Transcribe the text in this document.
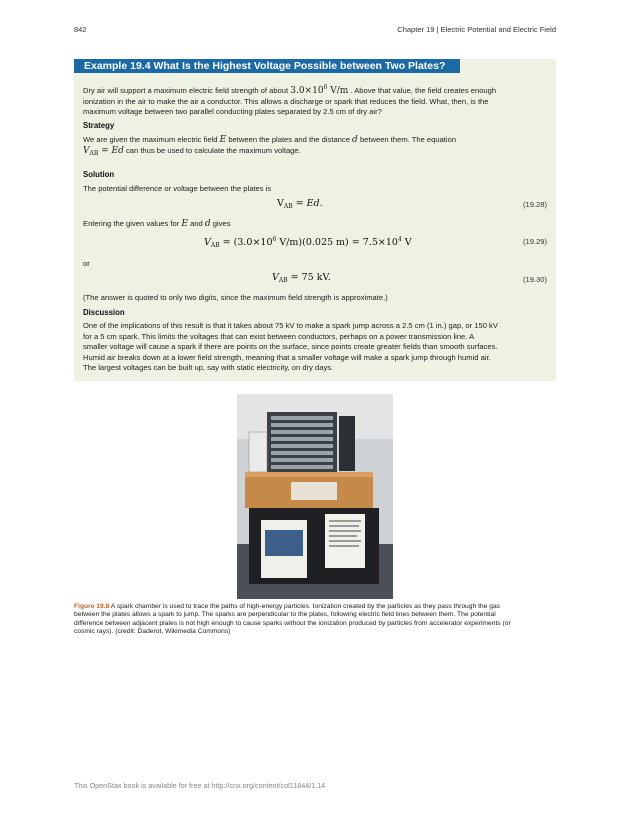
842	Chapter 19 | Electric Potential and Electric Field
Example 19.4 What Is the Highest Voltage Possible between Two Plates?
Dry air will support a maximum electric field strength of about $3.0\times 10^6$ V/m . Above that value, the field creates enough
ionization in the air to make the air a conductor. This allows a discharge or spark that reduces the field. What, then, is the
maximum voltage between two parallel conducting plates separated by 2.5 cm of dry air?
Strategy
We are given the maximum electric field E between the plates and the distance d between them. The equation
$V_{AB} = Ed$ can thus be used to calculate the maximum voltage.
Solution
The potential difference or voltage between the plates is
$V_{AB} = Ed$.	(19.28)
Entering the given values for E and d gives
$V_{AB} = (3.0\times 10^6$ V/m)(0.025 $m) = 7.5\times 10^4$ V	(19.29)
or
$V_{AB} = 75$ kV.	(19.30)
(The answer is quoted to only two digits, since the maximum field strength is approximate.)
Discussion
One of the implications of this result is that it takes about 75 kV to make a spark jump across a 2.5 cm (1 in.) gap, or 150 kV
for a 5 cm spark. This limits the voltages that can exist between conductors, perhaps on a power transmission line. A
smaller voltage will cause a spark if there are points on the surface, since points create greater fields than smooth surfaces.
Humid air breaks down at a lower field strength, meaning that a smaller voltage will make a spark jump through humid air.
The largest voltages can be built up, say with static electricity, on dry days.
Figure 19.8 A spark chamber is used to trace the paths of high-energy particles. Ionization created by the particles as they pass through the gas
between the plates allows a spark to jump. The sparks are perpendicular to the plates, following electric field lines between them. The potential
difference between adjacent plates is not high enough to cause sparks without the ionization produced by particles from accelerator experiments (or
cosmic rays). (credit: Daderot, Wikimedia Commons)
This OpenStax book is available for free at http://cnx.org/content/col11844/1.14
